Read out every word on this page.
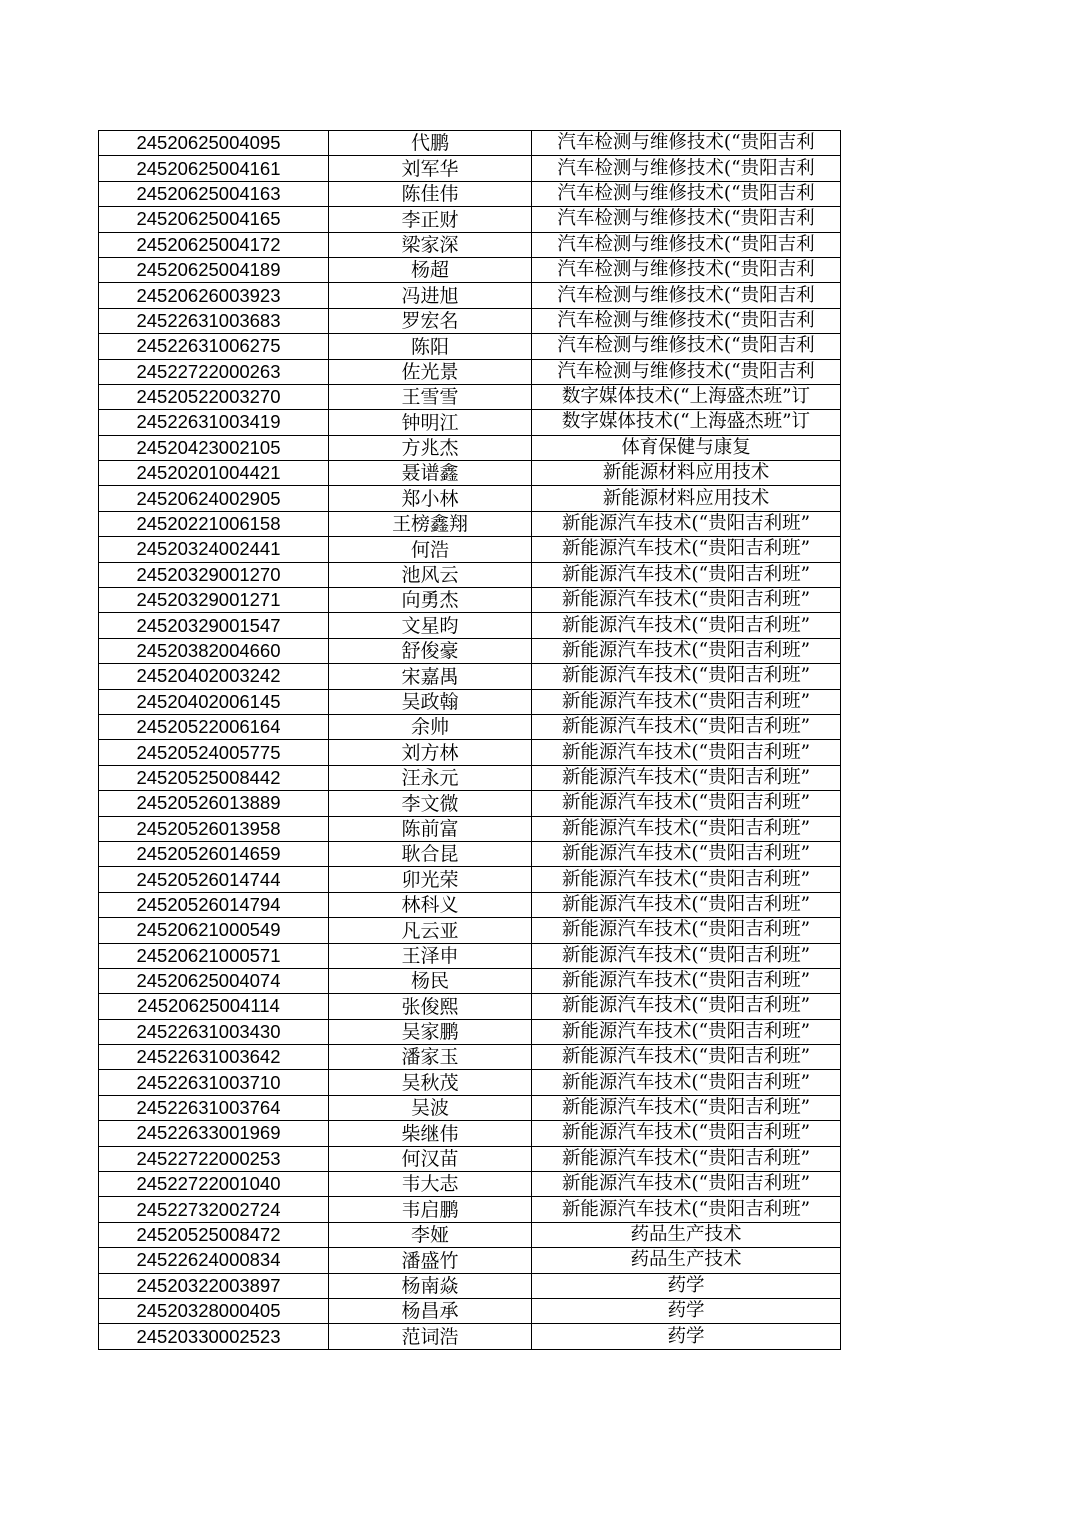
24520625004095	代鹏	汽车检测与维修技术(“贵阳吉利
24520625004161	刘军华	汽车检测与维修技术(“贵阳吉利
24520625004163	陈佳伟	汽车检测与维修技术(“贵阳吉利
24520625004165	李正财	汽车检测与维修技术(“贵阳吉利
24520625004172	梁家深	汽车检测与维修技术(“贵阳吉利
24520625004189	杨超	汽车检测与维修技术(“贵阳吉利
24520626003923	冯进旭	汽车检测与维修技术(“贵阳吉利
24522631003683	罗宏名	汽车检测与维修技术(“贵阳吉利
24522631006275	陈阳	汽车检测与维修技术(“贵阳吉利
24522722000263	佐光景	汽车检测与维修技术(“贵阳吉利
24520522003270	王雪雪	数字媒体技术(“上海盛杰班”订
24522631003419	钟明江	数字媒体技术(“上海盛杰班”订
24520423002105	方兆杰	体育保健与康复
24520201004421	聂谱鑫	新能源材料应用技术
24520624002905	郑小林	新能源材料应用技术
24520221006158	王榜鑫翔	新能源汽车技术(“贵阳吉利班”
24520324002441	何浩	新能源汽车技术(“贵阳吉利班”
24520329001270	池风云	新能源汽车技术(“贵阳吉利班”
24520329001271	向勇杰	新能源汽车技术(“贵阳吉利班”
24520329001547	文星昀	新能源汽车技术(“贵阳吉利班”
24520382004660	舒俊豪	新能源汽车技术(“贵阳吉利班”
24520402003242	宋嘉禺	新能源汽车技术(“贵阳吉利班”
24520402006145	吴政翰	新能源汽车技术(“贵阳吉利班”
24520522006164	余帅	新能源汽车技术(“贵阳吉利班”
24520524005775	刘方林	新能源汽车技术(“贵阳吉利班”
24520525008442	汪永元	新能源汽车技术(“贵阳吉利班”
24520526013889	李文微	新能源汽车技术(“贵阳吉利班”
24520526013958	陈前富	新能源汽车技术(“贵阳吉利班”
24520526014659	耿合昆	新能源汽车技术(“贵阳吉利班”
24520526014744	卯光荣	新能源汽车技术(“贵阳吉利班”
24520526014794	林科义	新能源汽车技术(“贵阳吉利班”
24520621000549	凡云亚	新能源汽车技术(“贵阳吉利班”
24520621000571	王泽申	新能源汽车技术(“贵阳吉利班”
24520625004074	杨民	新能源汽车技术(“贵阳吉利班”
24520625004114	张俊熙	新能源汽车技术(“贵阳吉利班”
24522631003430	吴家鹏	新能源汽车技术(“贵阳吉利班”
24522631003642	潘家玉	新能源汽车技术(“贵阳吉利班”
24522631003710	吴秋茂	新能源汽车技术(“贵阳吉利班”
24522631003764	吴波	新能源汽车技术(“贵阳吉利班”
24522633001969	柴继伟	新能源汽车技术(“贵阳吉利班”
24522722000253	何汉苗	新能源汽车技术(“贵阳吉利班”
24522722001040	韦大志	新能源汽车技术(“贵阳吉利班”
24522732002724	韦启鹏	新能源汽车技术(“贵阳吉利班”
24520525008472	李娅	药品生产技术
24522624000834	潘盛竹	药品生产技术
24520322003897	杨南焱	药学
24520328000405	杨昌承	药学
24520330002523	范词浩	药学
